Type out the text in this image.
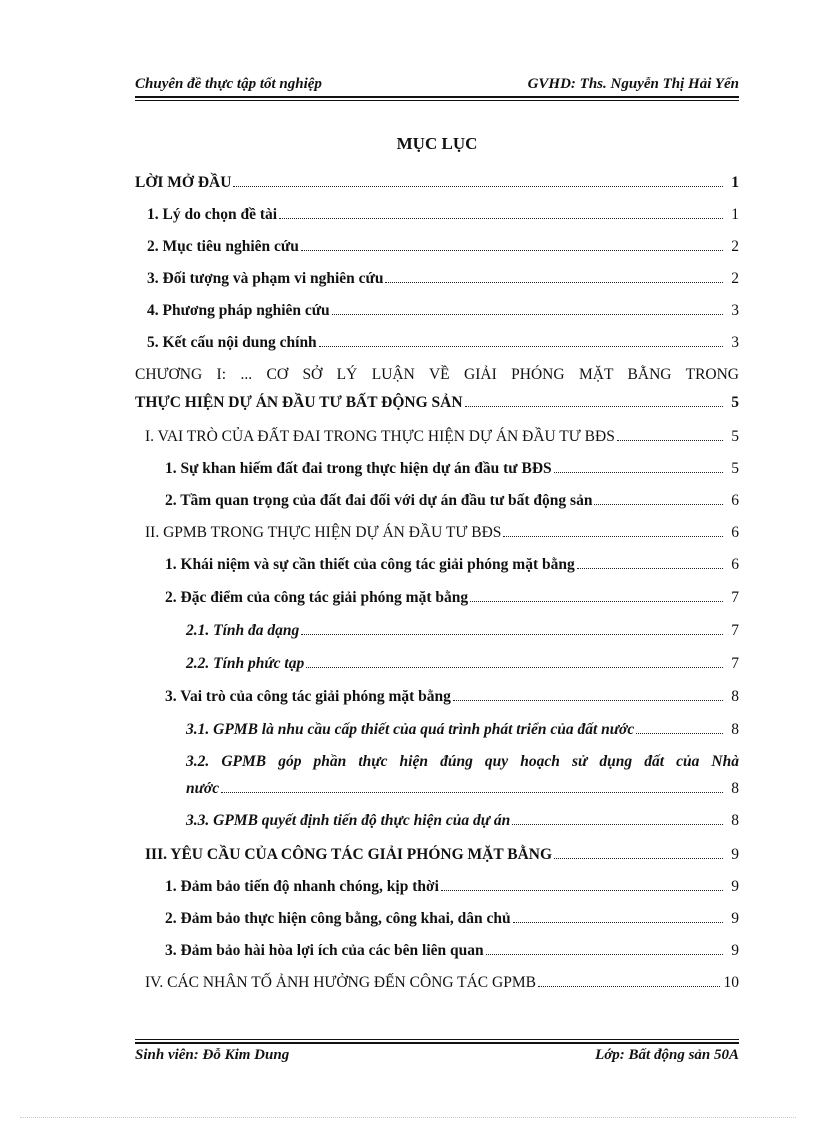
Chuyên đề thực tập tốt nghiệp	GVHD: Ths. Nguyễn Thị Hải Yến
MỤC LỤC
LỜI MỞ ĐẦU	1
1. Lý do chọn đề tài	1
2. Mục tiêu nghiên cứu	2
3. Đối tượng và phạm vi nghiên cứu	2
4. Phương pháp nghiên cứu	3
5. Kết cấu nội dung chính	3
CHƯƠNG I: ... CƠ SỞ LÝ LUẬN VỀ GIẢI PHÓNG MẶT BẰNG TRONG
THỰC HIỆN DỰ ÁN ĐẦU TƯ BẤT ĐỘNG SẢN	5
I. VAI TRÒ CỦA ĐẤT ĐAI TRONG THỰC HIỆN DỰ ÁN ĐẦU TƯ BĐS	5
1. Sự khan hiếm đất đai trong thực hiện dự án đầu tư BĐS	5
2. Tầm quan trọng của đất đai đối với dự án đầu tư bất động sản	6
II. GPMB TRONG THỰC HIỆN DỰ ÁN ĐẦU TƯ BĐS	6
1. Khái niệm và sự cần thiết của công tác giải phóng mặt bằng	6
2. Đặc điểm của công tác giải phóng mặt bằng	7
2.1. Tính đa dạng	7
2.2. Tính phức tạp	7
3. Vai trò của công tác giải phóng mặt bằng	8
3.1. GPMB là nhu cầu cấp thiết của quá trình phát triển của đất nước	8
3.2. GPMB góp phần thực hiện đúng quy hoạch sử dụng đất của Nhà
nước	8
3.3. GPMB quyết định tiến độ thực hiện của dự án	8
III. YÊU CẦU CỦA CÔNG TÁC GIẢI PHÓNG MẶT BẰNG	9
1. Đảm bảo tiến độ nhanh chóng, kịp thời	9
2. Đảm bảo thực hiện công bằng, công khai, dân chủ	9
3. Đảm bảo hài hòa lợi ích của các bên liên quan	9
IV. CÁC NHÂN TỐ ẢNH HƯỞNG ĐẾN CÔNG TÁC GPMB	10
Sinh viên: Đỗ Kim Dung	Lớp: Bất động sản 50A
